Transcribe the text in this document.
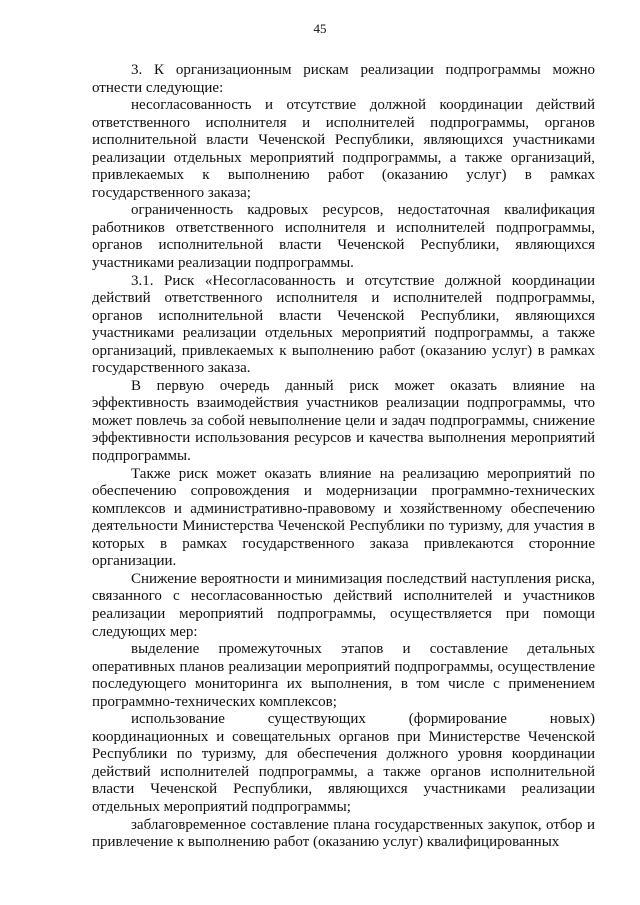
45

3. К организационным рискам реализации подпрограммы можно отнести следующие:

несогласованность и отсутствие должной координации действий ответственного исполнителя и исполнителей подпрограммы, органов исполнительной власти Чеченской Республики, являющихся участниками реализации отдельных мероприятий подпрограммы, а также организаций, привлекаемых к выполнению работ (оказанию услуг) в рамках государственного заказа;

ограниченность кадровых ресурсов, недостаточная квалификация работников ответственного исполнителя и исполнителей подпрограммы, органов исполнительной власти Чеченской Республики, являющихся участниками реализации подпрограммы.

3.1. Риск «Несогласованность и отсутствие должной координации действий ответственного исполнителя и исполнителей подпрограммы, органов исполнительной власти Чеченской Республики, являющихся участниками реализации отдельных мероприятий подпрограммы, а также организаций, привлекаемых к выполнению работ (оказанию услуг) в рамках государственного заказа.

В первую очередь данный риск может оказать влияние на эффективность взаимодействия участников реализации подпрограммы, что может повлечь за собой невыполнение цели и задач подпрограммы, снижение эффективности использования ресурсов и качества выполнения мероприятий подпрограммы.

Также риск может оказать влияние на реализацию мероприятий по обеспечению сопровождения и модернизации программно-технических комплексов и административно-правовому и хозяйственному обеспечению деятельности Министерства Чеченской Республики по туризму, для участия в которых в рамках государственного заказа привлекаются сторонние организации.

Снижение вероятности и минимизация последствий наступления риска, связанного с несогласованностью действий исполнителей и участников реализации мероприятий подпрограммы, осуществляется при помощи следующих мер:

выделение промежуточных этапов и составление детальных оперативных планов реализации мероприятий подпрограммы, осуществление последующего мониторинга их выполнения, в том числе с применением программно-технических комплексов;

использование существующих (формирование новых) координационных и совещательных органов при Министерстве Чеченской Республики по туризму, для обеспечения должного уровня координации действий исполнителей подпрограммы, а также органов исполнительной власти Чеченской Республики, являющихся участниками реализации отдельных мероприятий подпрограммы;

заблаговременное составление плана государственных закупок, отбор и привлечение к выполнению работ (оказанию услуг) квалифицированных
